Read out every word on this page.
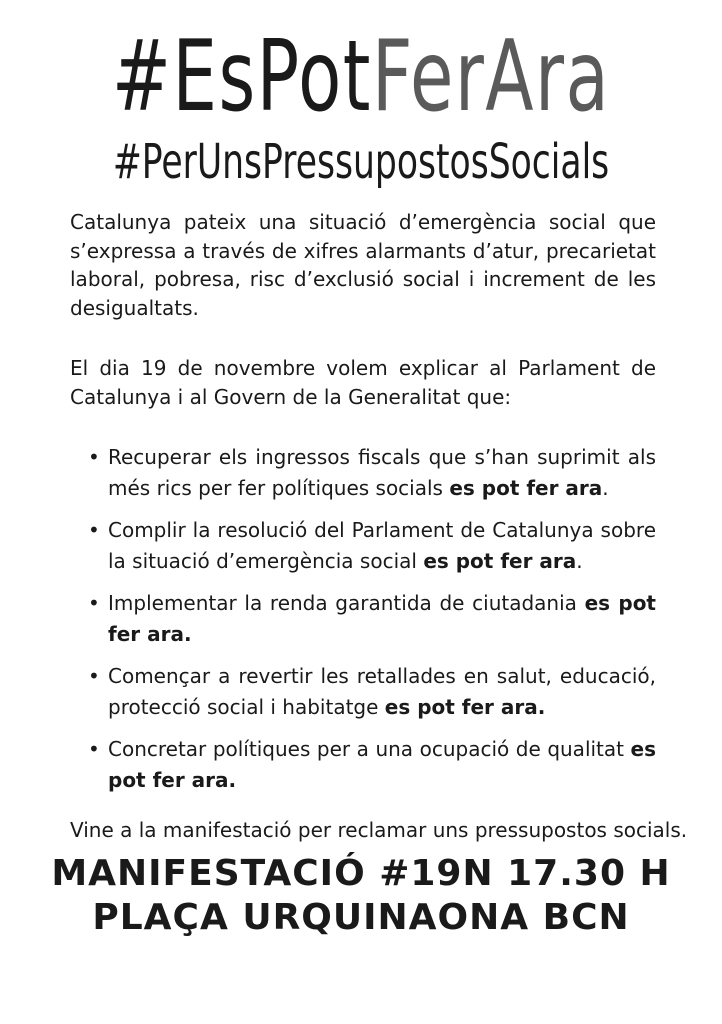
#EsPotFerAra
#PerUnsPressupostosSocials
Catalunya pateix una situació d’emergència social que s’expressa a través de xifres alarmants d’atur, precarietat laboral, pobresa, risc d’exclusió social i increment de les desigualtats.
El dia 19 de novembre volem explicar al Parlament de Catalunya i al Govern de la Generalitat que:
• Recuperar els ingressos fiscals que s’han suprimit als més rics per fer polítiques socials es pot fer ara.
• Complir la resolució del Parlament de Catalunya sobre la situació d’emergència social es pot fer ara.
• Implementar la renda garantida de ciutadania es pot fer ara.
• Començar a revertir les retallades en salut, educació, protecció social i habitatge es pot fer ara.
• Concretar polítiques per a una ocupació de qualitat es pot fer ara.
Vine a la manifestació per reclamar uns pressupostos socials.
MANIFESTACIÓ #19N 17.30 H
PLAÇA URQUINAONA BCN
